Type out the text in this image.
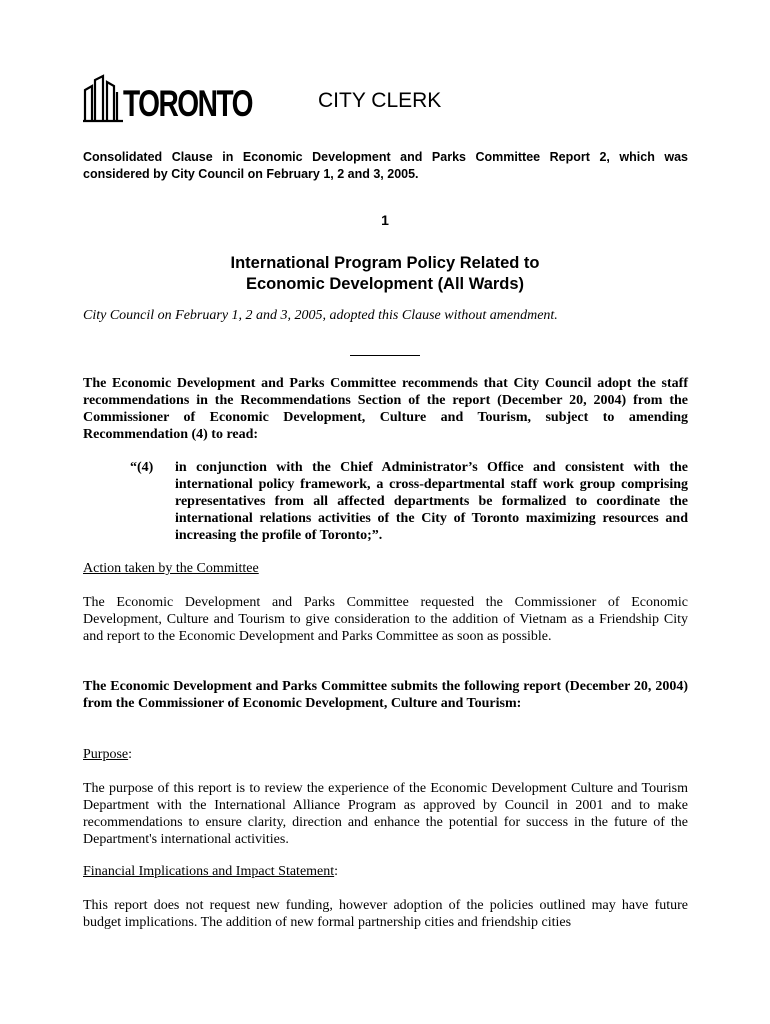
TORONTO	CITY CLERK
Consolidated Clause in Economic Development and Parks Committee Report 2, which was considered by City Council on February 1, 2 and 3, 2005.
1
International Program Policy Related to
Economic Development (All Wards)
City Council on February 1, 2 and 3, 2005, adopted this Clause without amendment.

The Economic Development and Parks Committee recommends that City Council adopt the staff recommendations in the Recommendations Section of the report (December 20, 2004) from the Commissioner of Economic Development, Culture and Tourism, subject to amending Recommendation (4) to read:

“(4) in conjunction with the Chief Administrator’s Office and consistent with the international policy framework, a cross-departmental staff work group comprising representatives from all affected departments be formalized to coordinate the international relations activities of the City of Toronto maximizing resources and increasing the profile of Toronto;”.
Action taken by the Committee

The Economic Development and Parks Committee requested the Commissioner of Economic Development, Culture and Tourism to give consideration to the addition of Vietnam as a Friendship City and report to the Economic Development and Parks Committee as soon as possible.

The Economic Development and Parks Committee submits the following report (December 20, 2004) from the Commissioner of Economic Development, Culture and Tourism:

Purpose:

The purpose of this report is to review the experience of the Economic Development Culture and Tourism Department with the International Alliance Program as approved by Council in 2001 and to make recommendations to ensure clarity, direction and enhance the potential for success in the future of the Department's international activities.

Financial Implications and Impact Statement:

This report does not request new funding, however adoption of the policies outlined may have future budget implications. The addition of new formal partnership cities and friendship cities
